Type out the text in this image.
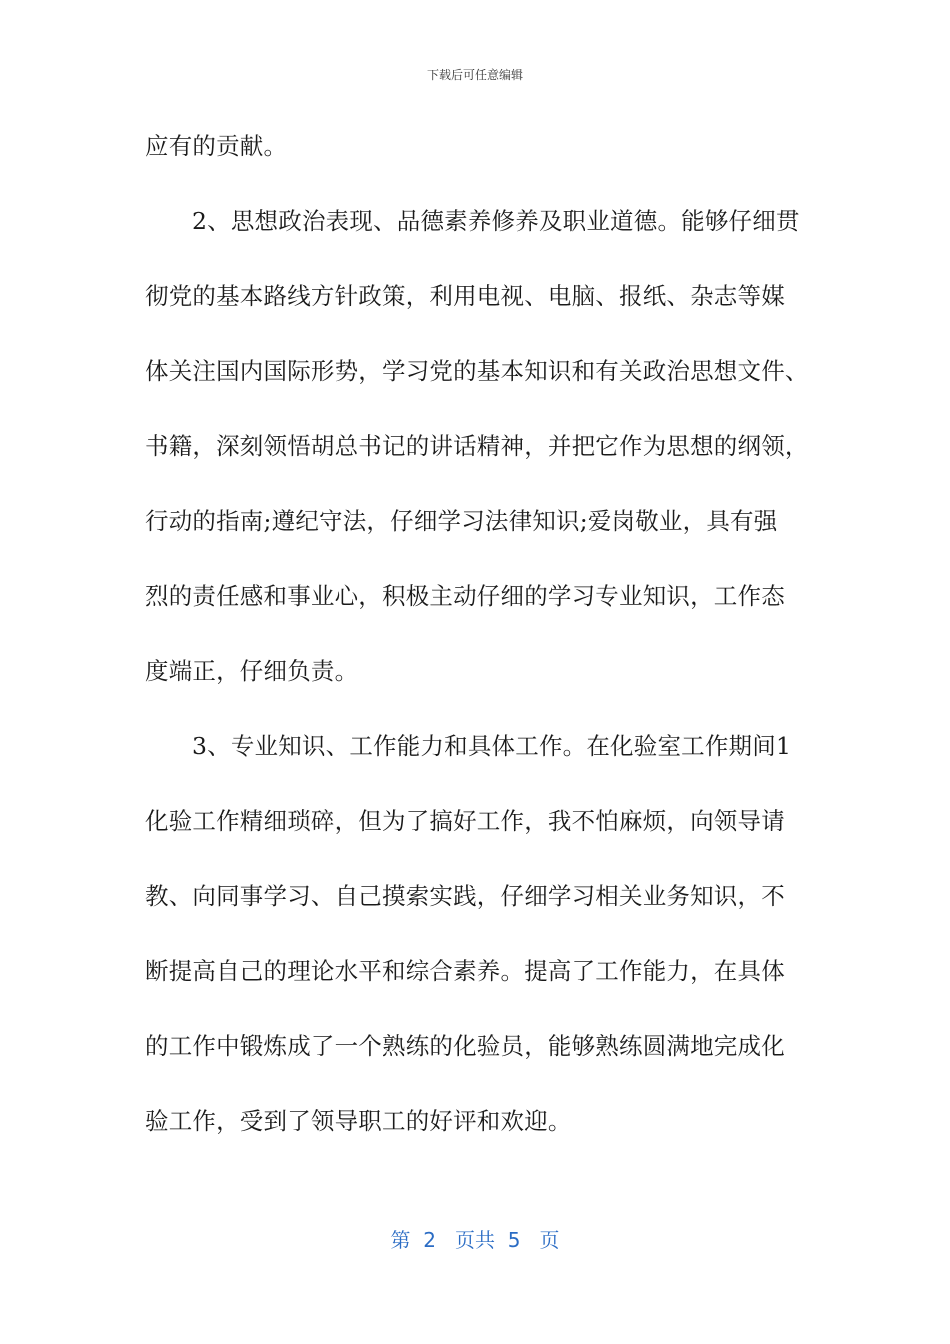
下载后可任意编辑
应有的贡献。
2、思想政治表现、品德素养修养及职业道德。能够仔细贯
彻党的基本路线方针政策，利用电视、电脑、报纸、杂志等媒
体关注国内国际形势，学习党的基本知识和有关政治思想文件、
书籍，深刻领悟胡总书记的讲话精神，并把它作为思想的纲领，
行动的指南;遵纪守法，仔细学习法律知识;爱岗敬业，具有强
烈的责任感和事业心，积极主动仔细的学习专业知识，工作态
度端正，仔细负责。
3、专业知识、工作能力和具体工作。在化验室工作期间1
化验工作精细琐碎，但为了搞好工作，我不怕麻烦，向领导请
教、向同事学习、自己摸索实践，仔细学习相关业务知识，不
断提高自己的理论水平和综合素养。提高了工作能力，在具体
的工作中锻炼成了一个熟练的化验员，能够熟练圆满地完成化
验工作，受到了领导职工的好评和欢迎。
第  2   页共  5   页
